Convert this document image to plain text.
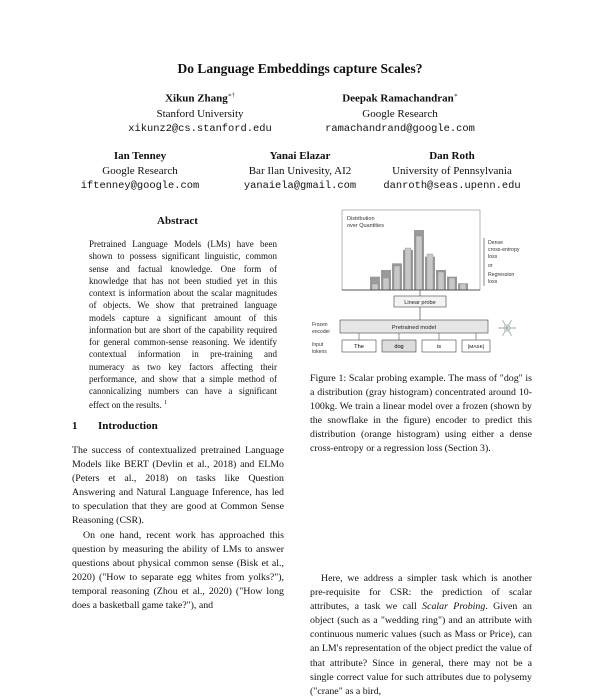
Do Language Embeddings capture Scales?
Xikun Zhang∗†
Stanford University
xikunz2@cs.stanford.edu
Deepak Ramachandran∗
Google Research
ramachandrand@google.com
Ian Tenney
Google Research
iftenney@google.com
Yanai Elazar
Bar Ilan Univesity, AI2
yanaiela@gmail.com
Dan Roth
University of Pennsylvania
danroth@seas.upenn.edu
Abstract
Pretrained Language Models (LMs) have been shown to possess significant linguistic, common sense and factual knowledge. One form of knowledge that has not been studied yet in this context is information about the scalar magnitudes of objects. We show that pretrained language models capture a significant amount of this information but are short of the capability required for general common-sense reasoning. We identify contextual information in pre-training and numeracy as two key factors affecting their performance, and show that a simple method of canonicalizing numbers can have a significant effect on the results. $^1$
1 Introduction

The success of contextualized pretrained Language Models like BERT (Devlin et al., 2018) and ELMo (Peters et al., 2018) on tasks like Question Answering and Natural Language Inference, has led to speculation that they are good at Common Sense Reasoning (CSR).

On one hand, recent work has approached this question by measuring the ability of LMs to answer questions about physical common sense (Bisk et al., 2020) ("How to separate egg whites from yolks?"), temporal reasoning (Zhou et al., 2020) ("How long does a basketball game take?"), and

Distribution
over Quantities
Dense
cross-entropy
loss
or
Regression
loss
Linear probe
Frozen
encoder
Pretrained model
Input
tokens
The	dog	is	[MASK]
Figure 1: Scalar probing example. The mass of "dog" is a distribution (gray histogram) concentrated around 10-100kg. We train a linear model over a frozen (shown by the snowflake in the figure) encoder to predict this distribution (orange histogram) using either a dense cross-entropy or a regression loss (Section 3).

Here, we address a simpler task which is another pre-requisite for CSR: the prediction of scalar attributes, a task we call Scalar Probing. Given an object (such as a "wedding ring") and an attribute with continuous numeric values (such as Mass or Price), can an LM's representation of the object predict the value of that attribute? Since in general, there may not be a single correct value for such attributes due to polysemy ("crane" as a bird,
